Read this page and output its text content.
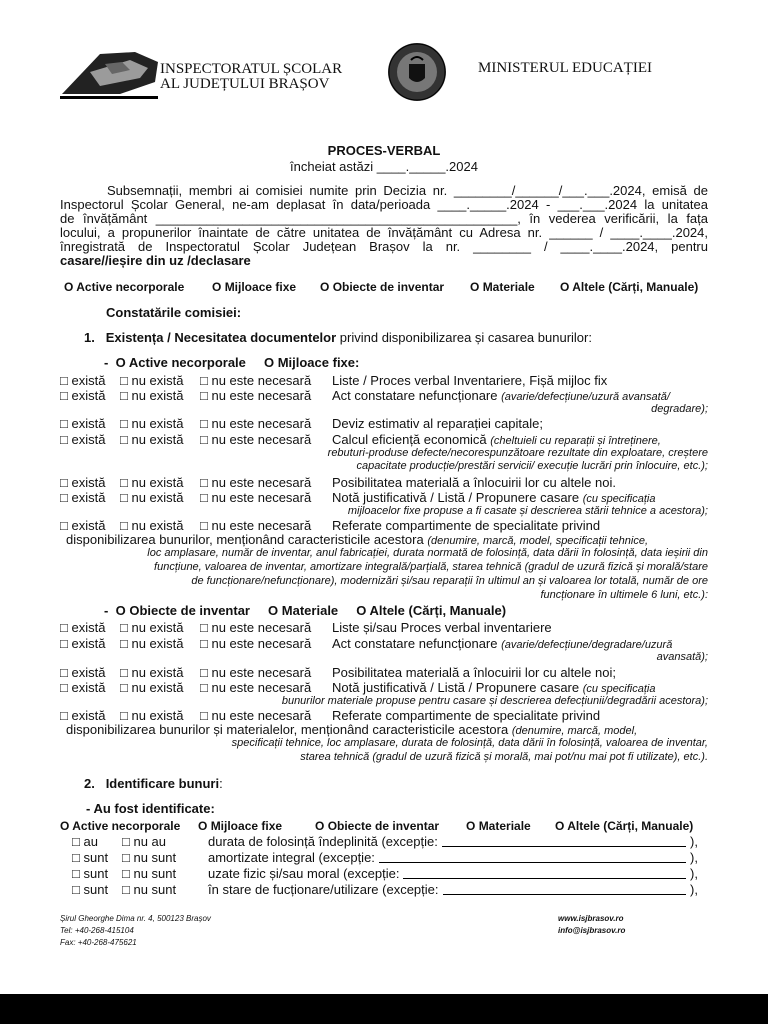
INSPECTORATUL ȘCOLAR
AL JUDEȚULUI BRAȘOV
MINISTERUL EDUCAȚIEI
PROCES-VERBAL
încheiat astăzi ____._____.2024
Subsemnații, membri ai comisiei numite prin Decizia nr. ________/______/___.___.2024, emisă de
Inspectorul Școlar General, ne-am deplasat în data/perioada ____._____.2024 - ___.___.2024 la unitatea
de învățământ __________________________________________________, în vederea verificării, la fața
locului, a propunerilor înaintate de către unitatea de învățământ cu Adresa nr. ______ / ____.____.2024,
înregistrată de Inspectoratul Școlar Județean Brașov la nr. ________ / ____.____.2024, pentru
casare//ieșire din uz /declasare
O Active necorporale O Mijloace fixe O Obiecte de inventar O Materiale O Altele (Cărți, Manuale)
Constatările comisiei:
1. Existența / Necesitatea documentelor privind disponibilizarea și casarea bunurilor:
- O Active necorporale O Mijloace fixe:
□ există □ nu există □ nu este necesară Liste / Proces verbal Inventariere, Fișă mijloc fix
□ există □ nu există □ nu este necesară Act constatare nefuncționare (avarie/defecțiune/uzură avansată/
degradare);
□ există □ nu există □ nu este necesară Deviz estimativ al reparației capitale;
□ există □ nu există □ nu este necesară Calcul eficiență economică (cheltuieli cu reparații și întreținere,
rebuturi-produse defecte/necorespunzătoare rezultate din exploatare, creștere
capacitate producție/prestări servicii/ execuție lucrări prin înlocuire, etc.);
□ există □ nu există □ nu este necesară Posibilitatea materială a înlocuirii lor cu altele noi.
□ există □ nu există □ nu este necesară Notă justificativă / Listă / Propunere casare (cu specificația
mijloacelor fixe propuse a fi casate și descrierea stării tehnice a acestora);
□ există □ nu există □ nu este necesară Referate compartimente de specialitate privind
disponibilizarea bunurilor, menționând caracteristicile acestora (denumire, marcă, model, specificații tehnice,
loc amplasare, număr de inventar, anul fabricației, durata normată de folosință, data dării în folosință, data ieșirii din
funcțiune, valoarea de inventar, amortizare integrală/parțială, starea tehnică (gradul de uzură fizică și morală/stare
de funcționare/nefuncționare), modernizări și/sau reparații în ultimul an și valoarea lor totală, număr de ore
funcționare în ultimele 6 luni, etc.):
□ există □ nu există □ nu este necesară Liste și/sau Proces verbal inventariere
□ există □ nu există □ nu este necesară Act constatare nefuncționare (avarie/defecțiune/degradare/uzură
avansată);
□ există □ nu există □ nu este necesară Posibilitatea materială a înlocuirii lor cu altele noi;
□ există □ nu există □ nu este necesară Notă justificativă / Listă / Propunere casare (cu specificația
bunurilor materiale propuse pentru casare și descrierea defecțiunii/degradării acestora);
□ există □ nu există □ nu este necesară Referate compartimente de specialitate privind
disponibilizarea bunurilor și materialelor, menționând caracteristicile acestora (denumire, marcă, model,
specificații tehnice, loc amplasare, durata de folosință, data dării în folosință, valoarea de inventar,
starea tehnică (gradul de uzură fizică și morală, mai pot/nu mai pot fi utilizate), etc.).
- O Obiecte de inventar O Materiale O Altele (Cărți, Manuale)
2. Identificare bunuri:
- Au fost identificate:
O Active necorporale O Mijloace fixe	O Obiecte de inventar O Materiale O Altele (Cărți, Manuale)
□ au □ nu au	durata de folosință îndeplinită (excepție:	),
□ sunt □ nu sunt amortizate integral (excepție:	),
□ sunt □ nu sunt uzate fizic și/sau moral (excepție:	),
□ sunt □ nu sunt în stare de fucționare/utilizare (excepție:	),
Șirul Gheorghe Dima nr. 4, 500123 Brașov
Tel: +40-268-415104
Fax: +40-268-475621
www.isjbrasov.ro
info@isjbrasov.ro
